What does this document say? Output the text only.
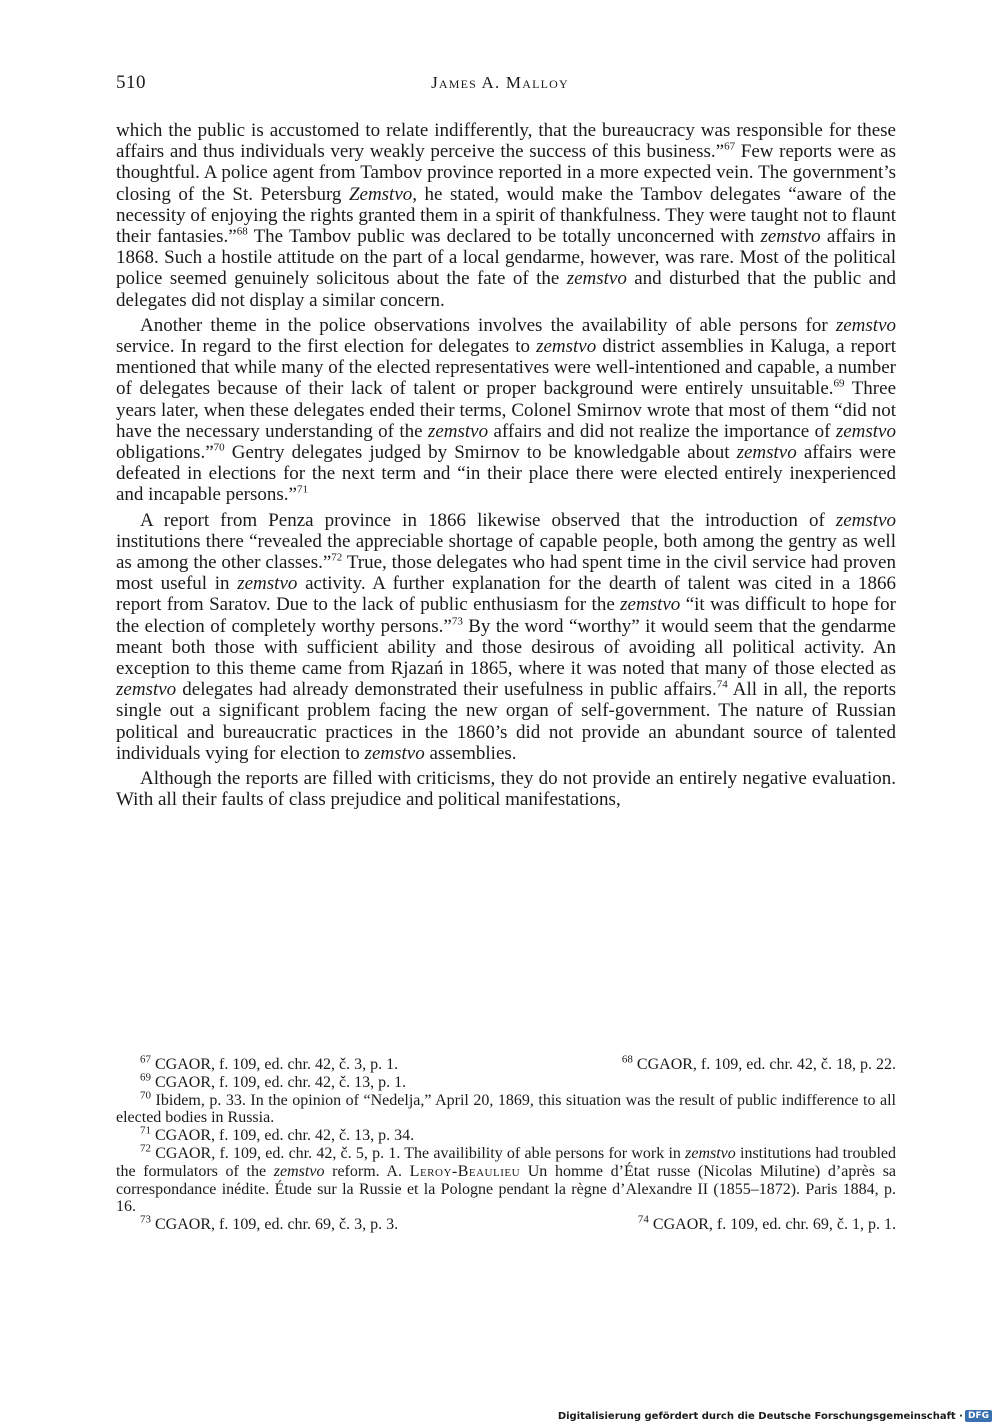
510	James A. Malloy

which the public is accustomed to relate indifferently, that the bureaucracy was responsible for these affairs and thus individuals very weakly perceive the success of this business.”$^{67}$ Few reports were as thoughtful. A police agent from Tambov province reported in a more expected vein. The government’s closing of the St. Petersburg Zemstvo, he stated, would make the Tambov delegates “aware of the necessity of enjoying the rights granted them in a spirit of thankfulness. They were taught not to flaunt their fantasies.”$^{68}$ The Tambov public was declared to be totally unconcerned with zemstvo affairs in 1868. Such a hostile attitude on the part of a local gendarme, however, was rare. Most of the political police seemed genuinely solicitous about the fate of the zemstvo and disturbed that the public and delegates did not display a similar concern.

Another theme in the police observations involves the availability of able persons for zemstvo service. In regard to the first election for delegates to zemstvo district assemblies in Kaluga, a report mentioned that while many of the elected representatives were well-intentioned and capable, a number of delegates because of their lack of talent or proper background were entirely unsuitable.$^{69}$ Three years later, when these delegates ended their terms, Colonel Smirnov wrote that most of them “did not have the necessary understanding of the zemstvo affairs and did not realize the importance of zemstvo obligations.”$^{70}$ Gentry delegates judged by Smirnov to be knowledgable about zemstvo affairs were defeated in elections for the next term and “in their place there were elected entirely inexperienced and incapable persons.”$^{71}$

A report from Penza province in 1866 likewise observed that the introduction of zemstvo institutions there “revealed the appreciable shortage of capable people, both among the gentry as well as among the other classes.”$^{72}$ True, those delegates who had spent time in the civil service had proven most useful in zemstvo activity. A further explanation for the dearth of talent was cited in a 1866 report from Saratov. Due to the lack of public enthusiasm for the zemstvo “it was difficult to hope for the election of completely worthy persons.”$^{73}$ By the word “worthy” it would seem that the gendarme meant both those with sufficient ability and those desirous of avoiding all political activity. An exception to this theme came from Rjazań in 1865, where it was noted that many of those elected as zemstvo delegates had already demonstrated their usefulness in public affairs.$^{74}$ All in all, the reports single out a significant problem facing the new organ of self-government. The nature of Russian political and bureaucratic practices in the 1860’s did not provide an abundant source of talented individuals vying for election to zemstvo assemblies.

Although the reports are filled with criticisms, they do not provide an entirely negative evaluation. With all their faults of class prejudice and political manifestations,

$^{67}$ CGAOR, f. 109, ed. chr. 42, č. 3, p. 1.	$^{68}$ CGAOR, f. 109, ed. chr. 42, č. 18, p. 22.

$^{69}$ CGAOR, f. 109, ed. chr. 42, č. 13, p. 1.

$^{70}$ Ibidem, p. 33. In the opinion of “Nedelja,” April 20, 1869, this situation was the result of public indifference to all elected bodies in Russia.

$^{71}$ CGAOR, f. 109, ed. chr. 42, č. 13, p. 34.

$^{72}$ CGAOR, f. 109, ed. chr. 42, č. 5, p. 1. The availibility of able persons for work in zemstvo institutions had troubled the formulators of the zemstvo reform. A. Leroy-Beaulieu Un homme d’État russe (Nicolas Milutine) d’après sa correspondance inédite. Étude sur la Russie et la Pologne pendant la règne d’Alexandre II (1855–1872). Paris 1884, p. 16.

$^{73}$ CGAOR, f. 109, ed. chr. 69, č. 3, p. 3.	$^{74}$ CGAOR, f. 109, ed. chr. 69, č. 1, p. 1.
Digitalisierung gefördert durch die Deutsche Forschungsgemeinschaft · DFG
